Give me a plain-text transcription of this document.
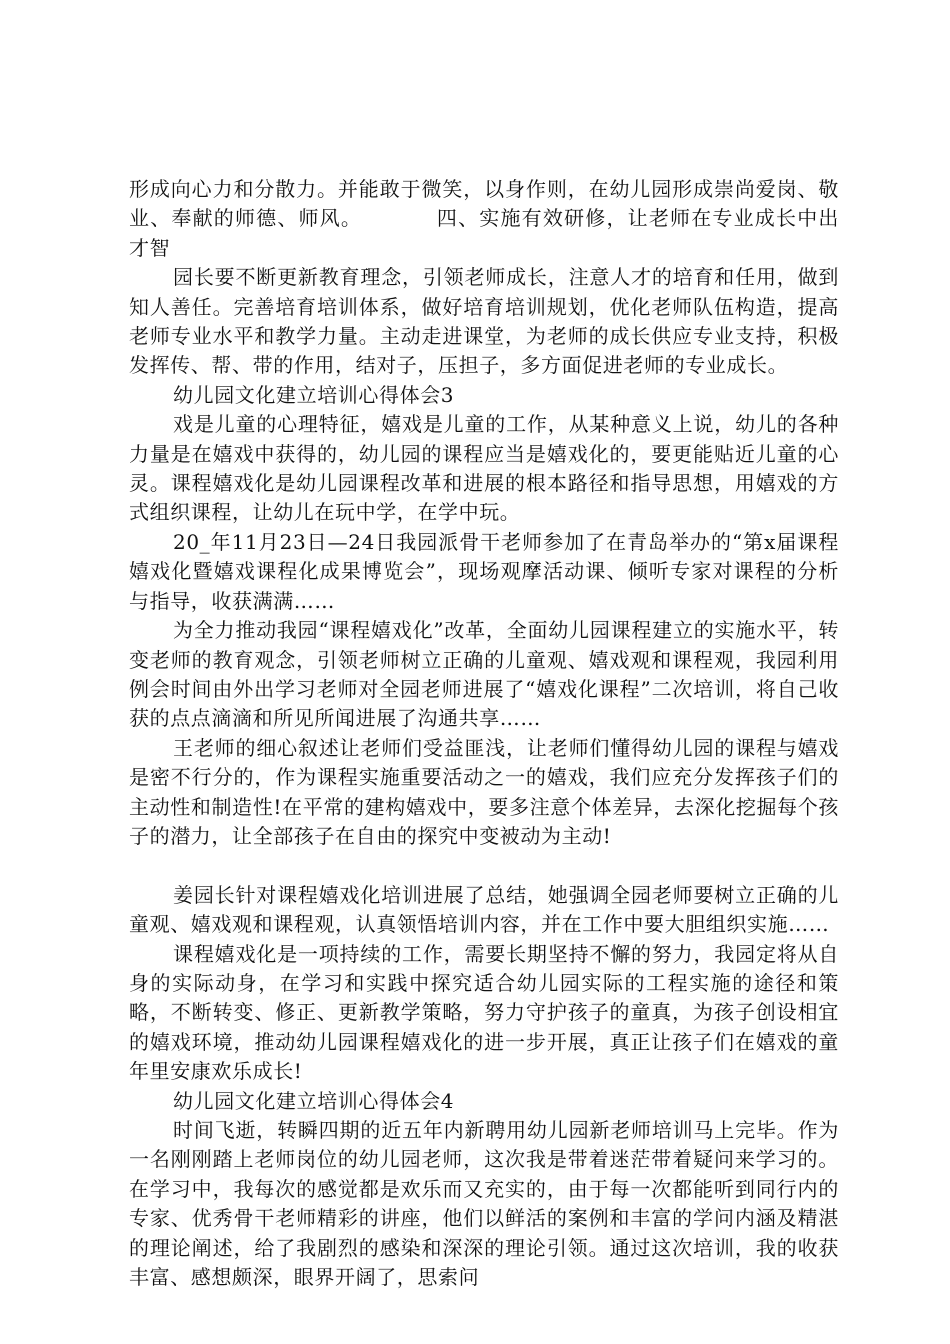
形成向心力和分散力。并能敢于微笑，以身作则，在幼儿园形成崇尚爱岗、敬业、奉献的师德、师风。　　　　四、实施有效研修，让老师在专业成长中出才智

园长要不断更新教育理念，引领老师成长，注意人才的培育和任用，做到知人善任。完善培育培训体系，做好培育培训规划，优化老师队伍构造，提高老师专业水平和教学力量。主动走进课堂，为老师的成长供应专业支持，积极发挥传、帮、带的作用，结对子，压担子，多方面促进老师的专业成长。

幼儿园文化建立培训心得体会3

戏是儿童的心理特征，嬉戏是儿童的工作，从某种意义上说，幼儿的各种力量是在嬉戏中获得的，幼儿园的课程应当是嬉戏化的，要更能贴近儿童的心灵。课程嬉戏化是幼儿园课程改革和进展的根本路径和指导思想，用嬉戏的方式组织课程，让幼儿在玩中学，在学中玩。

20_年11月23日—24日我园派骨干老师参加了在青岛举办的“第x届课程嬉戏化暨嬉戏课程化成果博览会”，现场观摩活动课、倾听专家对课程的分析与指导，收获满满……

为全力推动我园“课程嬉戏化”改革，全面幼儿园课程建立的实施水平，转变老师的教育观念，引领老师树立正确的儿童观、嬉戏观和课程观，我园利用例会时间由外出学习老师对全园老师进展了“嬉戏化课程”二次培训，将自己收获的点点滴滴和所见所闻进展了沟通共享……

王老师的细心叙述让老师们受益匪浅，让老师们懂得幼儿园的课程与嬉戏是密不行分的，作为课程实施重要活动之一的嬉戏，我们应充分发挥孩子们的主动性和制造性!在平常的建构嬉戏中，要多注意个体差异，去深化挖掘每个孩子的潜力，让全部孩子在自由的探究中变被动为主动!

姜园长针对课程嬉戏化培训进展了总结，她强调全园老师要树立正确的儿童观、嬉戏观和课程观，认真领悟培训内容，并在工作中要大胆组织实施……

课程嬉戏化是一项持续的工作，需要长期坚持不懈的努力，我园定将从自身的实际动身，在学习和实践中探究适合幼儿园实际的工程实施的途径和策略，不断转变、修正、更新教学策略，努力守护孩子的童真，为孩子创设相宜的嬉戏环境，推动幼儿园课程嬉戏化的进一步开展，真正让孩子们在嬉戏的童年里安康欢乐成长!

幼儿园文化建立培训心得体会4

时间飞逝，转瞬四期的近五年内新聘用幼儿园新老师培训马上完毕。作为一名刚刚踏上老师岗位的幼儿园老师，这次我是带着迷茫带着疑问来学习的。在学习中，我每次的感觉都是欢乐而又充实的，由于每一次都能听到同行内的专家、优秀骨干老师精彩的讲座，他们以鲜活的案例和丰富的学问内涵及精湛的理论阐述，给了我剧烈的感染和深深的理论引领。通过这次培训，我的收获丰富、感想颇深，眼界开阔了，思索问
